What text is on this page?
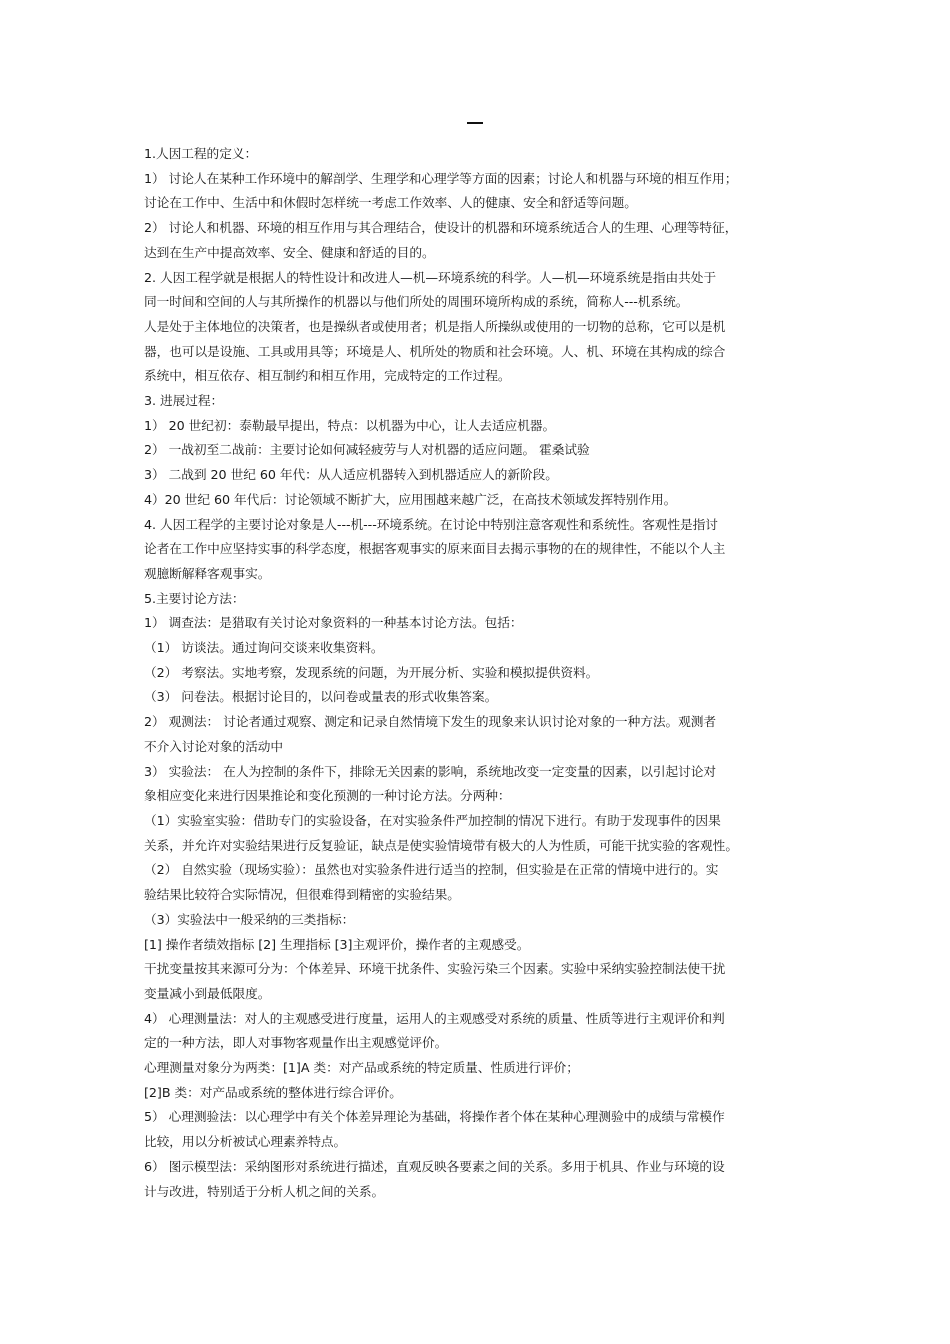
1.人因工程的定义：
1） 讨论人在某种工作环境中的解剖学、生理学和心理学等方面的因素；讨论人和机器与环境的相互作用；
讨论在工作中、生活中和休假时怎样统一考虑工作效率、人的健康、安全和舒适等问题。
2） 讨论人和机器、环境的相互作用与其合理结合，使设计的机器和环境系统适合人的生理、心理等特征，
达到在生产中提高效率、安全、健康和舒适的目的。
2. 人因工程学就是根据人的特性设计和改进人—机—环境系统的科学。人—机—环境系统是指由共处于
同一时间和空间的人与其所操作的机器以与他们所处的周围环境所构成的系统，简称人---机系统。
人是处于主体地位的决策者，也是操纵者或使用者；机是指人所操纵或使用的一切物的总称，它可以是机
器，也可以是设施、工具或用具等；环境是人、机所处的物质和社会环境。人、机、环境在其构成的综合
系统中，相互依存、相互制约和相互作用，完成特定的工作过程。
3. 进展过程：
1） 20 世纪初：泰勒最早提出，特点：以机器为中心，让人去适应机器。
2） 一战初至二战前：主要讨论如何减轻疲劳与人对机器的适应问题。 霍桑试验
3） 二战到 20 世纪 60 年代：从人适应机器转入到机器适应人的新阶段。
4）20 世纪 60 年代后：讨论领域不断扩大，应用围越来越广泛，在高技术领域发挥特别作用。
4. 人因工程学的主要讨论对象是人---机---环境系统。在讨论中特别注意客观性和系统性。客观性是指讨
论者在工作中应坚持实事的科学态度，根据客观事实的原来面目去揭示事物的在的规律性，不能以个人主
观臆断解释客观事实。
5.主要讨论方法：
1） 调查法：是猎取有关讨论对象资料的一种基本讨论方法。包括：
（1） 访谈法。通过询问交谈来收集资料。
（2） 考察法。实地考察，发现系统的问题，为开展分析、实验和模拟提供资料。
（3） 问卷法。根据讨论目的，以问卷或量表的形式收集答案。
2） 观测法： 讨论者通过观察、测定和记录自然情境下发生的现象来认识讨论对象的一种方法。观测者
不介入讨论对象的活动中
3） 实验法： 在人为控制的条件下，排除无关因素的影响，系统地改变一定变量的因素，以引起讨论对
象相应变化来进行因果推论和变化预测的一种讨论方法。分两种：
（1）实验室实验：借助专门的实验设备，在对实验条件严加控制的情况下进行。有助于发现事件的因果
关系，并允许对实验结果进行反复验证，缺点是使实验情境带有极大的人为性质，可能干扰实验的客观性。
（2） 自然实验（现场实验）：虽然也对实验条件进行适当的控制，但实验是在正常的情境中进行的。实
验结果比较符合实际情况，但很难得到精密的实验结果。
（3）实验法中一般采纳的三类指标：
[1] 操作者绩效指标 [2] 生理指标 [3]主观评价，操作者的主观感受。
干扰变量按其来源可分为：个体差异、环境干扰条件、实验污染三个因素。实验中采纳实验控制法使干扰
变量减小到最低限度。
4） 心理测量法：对人的主观感受进行度量，运用人的主观感受对系统的质量、性质等进行主观评价和判
定的一种方法，即人对事物客观量作出主观感觉评价。
心理测量对象分为两类：[1]A 类：对产品或系统的特定质量、性质进行评价；
[2]B 类：对产品或系统的整体进行综合评价。
5） 心理测验法：以心理学中有关个体差异理论为基础，将操作者个体在某种心理测验中的成绩与常模作
比较，用以分析被试心理素养特点。
6） 图示模型法：采纳图形对系统进行描述，直观反映各要素之间的关系。多用于机具、作业与环境的设
计与改进，特别适于分析人机之间的关系。
